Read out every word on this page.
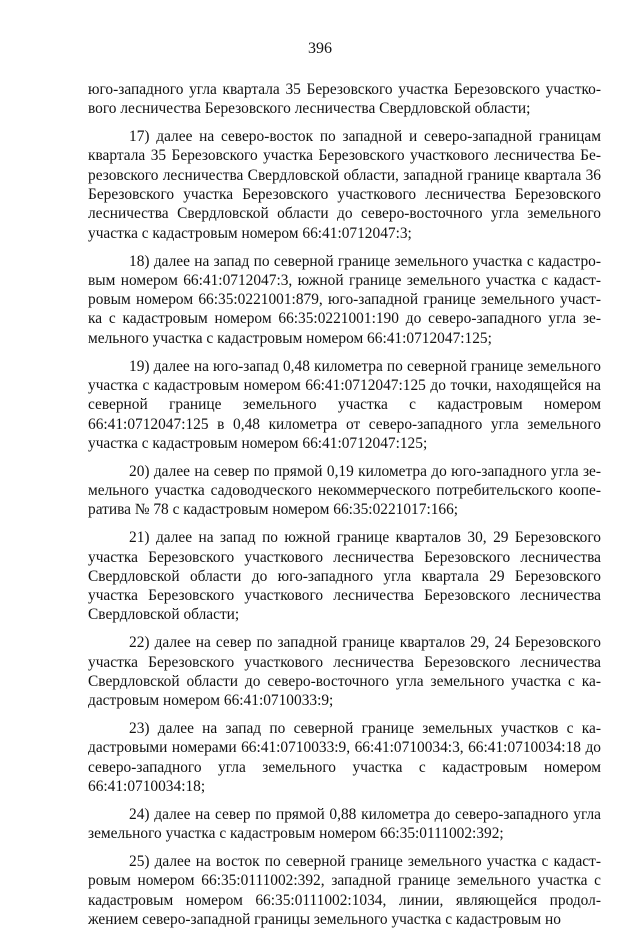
396

юго-западного угла квартала 35 Березовского участка Березовского участкового лесничества Березовского лесничества Свердловской области;

17) далее на северо-восток по западной и северо-западной границам квартала 35 Березовского участка Березовского участкового лесничества Березовского лесничества Свердловской области, западной границе квартала 36 Березовского участка Березовского участкового лесничества Березовского лесничества Свердловской области до северо-восточного угла земельного участка с кадастровым номером 66:41:0712047:3;

18) далее на запад по северной границе земельного участка с кадастровым номером 66:41:0712047:3, южной границе земельного участка с кадастровым номером 66:35:0221001:879, юго-западной границе земельного участка с кадастровым номером 66:35:0221001:190 до северо-западного угла земельного участка с кадастровым номером 66:41:0712047:125;

19) далее на юго-запад 0,48 километра по северной границе земельного участка с кадастровым номером 66:41:0712047:125 до точки, находящейся на северной границе земельного участка с кадастровым номером 66:41:0712047:125 в 0,48 километра от северо-западного угла земельного участка с кадастровым номером 66:41:0712047:125;

20) далее на север по прямой 0,19 километра до юго-западного угла земельного участка садоводческого некоммерческого потребительского кооператива № 78 с кадастровым номером 66:35:0221017:166;

21) далее на запад по южной границе кварталов 30, 29 Березовского участка Березовского участкового лесничества Березовского лесничества Свердловской области до юго-западного угла квартала 29 Березовского участка Березовского участкового лесничества Березовского лесничества Свердловской области;

22) далее на север по западной границе кварталов 29, 24 Березовского участка Березовского участкового лесничества Березовского лесничества Свердловской области до северо-восточного угла земельного участка с кадастровым номером 66:41:0710033:9;

23) далее на запад по северной границе земельных участков с кадастровыми номерами 66:41:0710033:9, 66:41:0710034:3, 66:41:0710034:18 до северо-западного угла земельного участка с кадастровым номером 66:41:0710034:18;

24) далее на север по прямой 0,88 километра до северо-западного угла земельного участка с кадастровым номером 66:35:0111002:392;

25) далее на восток по северной границе земельного участка с кадастровым номером 66:35:0111002:392, западной границе земельного участка с кадастровым номером 66:35:0111002:1034, линии, являющейся продолжением северо-западной границы земельного участка с кадастровым но
